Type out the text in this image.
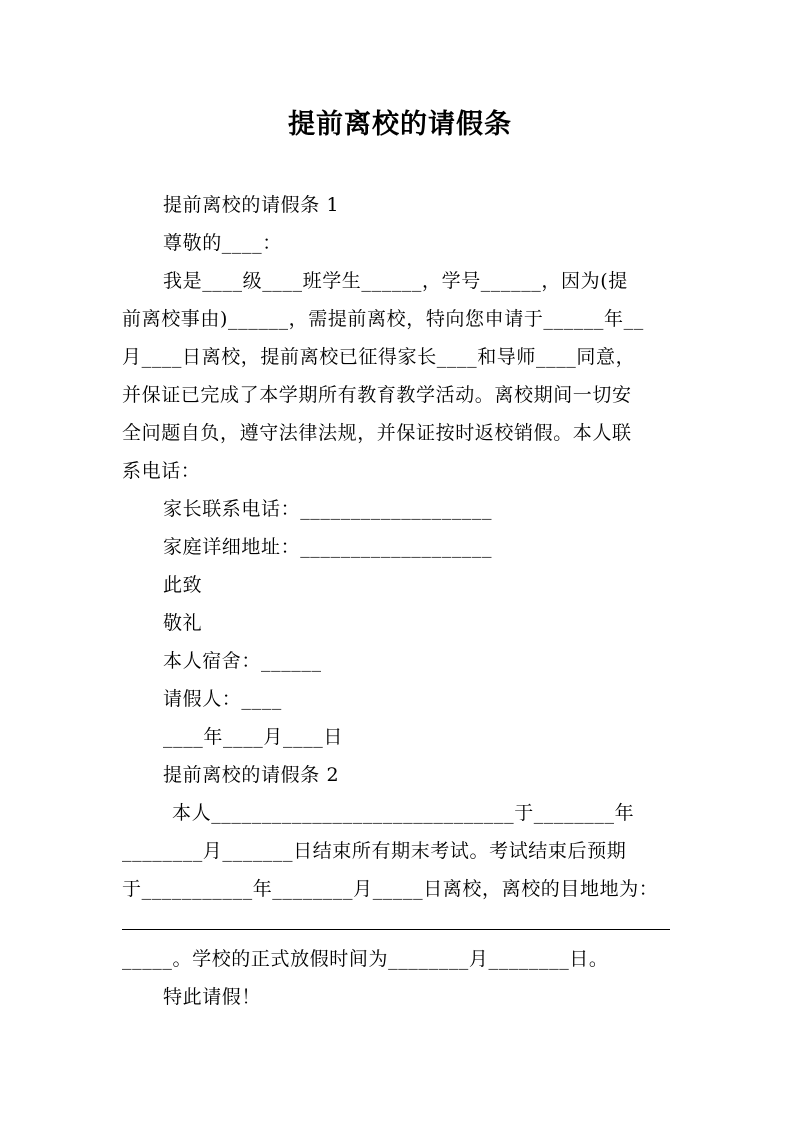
提前离校的请假条
提前离校的请假条 1
尊敬的____：
我是____级____班学生______，学号______，因为(提
前离校事由)______，需提前离校，特向您申请于______年__
月____日离校，提前离校已征得家长____和导师____同意，
并保证已完成了本学期所有教育教学活动。离校期间一切安
全问题自负，遵守法律法规，并保证按时返校销假。本人联
系电话：
家长联系电话：___________________
家庭详细地址：___________________
此致
敬礼
本人宿舍：______
请假人：____
____年____月____日
提前离校的请假条 2
本人______________________________于________年
________月_______日结束所有期末考试。考试结束后预期
于___________年________月_____日离校，离校的目地地为：
_____。学校的正式放假时间为________月________日。
特此请假！
